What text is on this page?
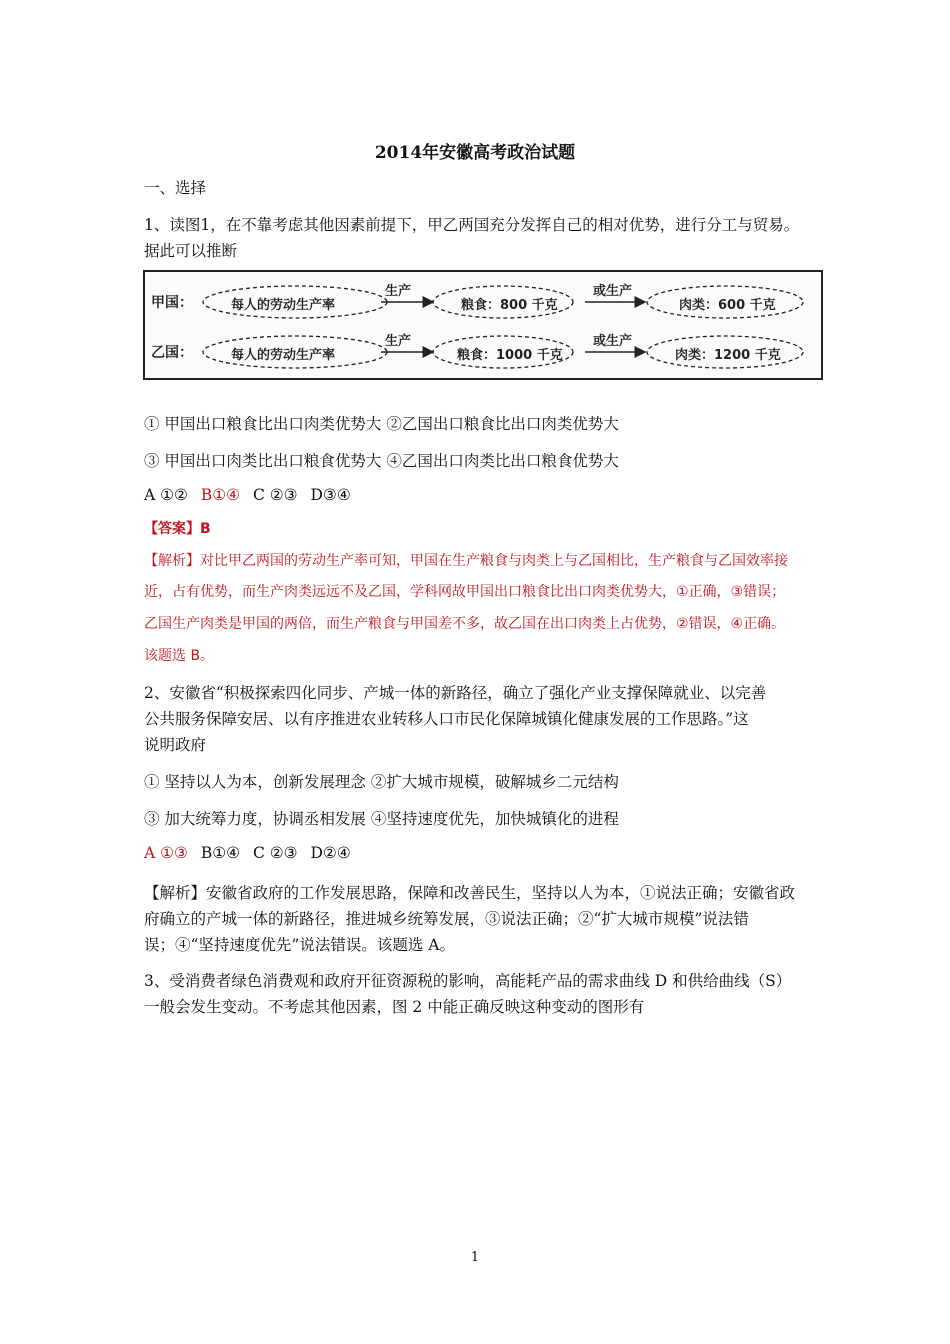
2014年安徽高考政治试题
一、选择
1、读图1，在不靠考虑其他因素前提下，甲乙两国充分发挥自己的相对优势，进行分工与贸易。
据此可以推断
甲国：	每人的劳动生产率
生产
粮食：800 千克
或生产
肉类：600 千克
乙国：	每人的劳动生产率
生产
粮食：1000 千克
或生产
肉类：1200 千克
① 甲国出口粮食比出口肉类优势大 ②乙国出口粮食比出口肉类优势大
③ 甲国出口肉类比出口粮食优势大 ④乙国出口肉类比出口粮食优势大
A ①② B①④ C ②③ D③④
【答案】B
【解析】对比甲乙两国的劳动生产率可知，甲国在生产粮食与肉类上与乙国相比，生产粮食与乙国效率接
近，占有优势，而生产肉类远远不及乙国，学科网故甲国出口粮食比出口肉类优势大，①正确，③错误；
乙国生产肉类是甲国的两倍，而生产粮食与甲国差不多，故乙国在出口肉类上占优势，②错误，④正确。
该题选 B。
2、安徽省“积极探索四化同步、产城一体的新路径，确立了强化产业支撑保障就业、以完善
公共服务保障安居、以有序推进农业转移人口市民化保障城镇化健康发展的工作思路。”这
说明政府
① 坚持以人为本，创新发展理念 ②扩大城市规模，破解城乡二元结构
③ 加大统筹力度，协调丞相发展 ④坚持速度优先，加快城镇化的进程
A ①③ B①④ C ②③ D②④
【解析】安徽省政府的工作发展思路，保障和改善民生，坚持以人为本，①说法正确；安徽省政
府确立的产城一体的新路径，推进城乡统筹发展，③说法正确；②“扩大城市规模”说法错
误；④“坚持速度优先”说法错误。该题选 A。
3、受消费者绿色消费观和政府开征资源税的影响，高能耗产品的需求曲线 D 和供给曲线（S）
一般会发生变动。不考虑其他因素，图 2 中能正确反映这种变动的图形有
1
